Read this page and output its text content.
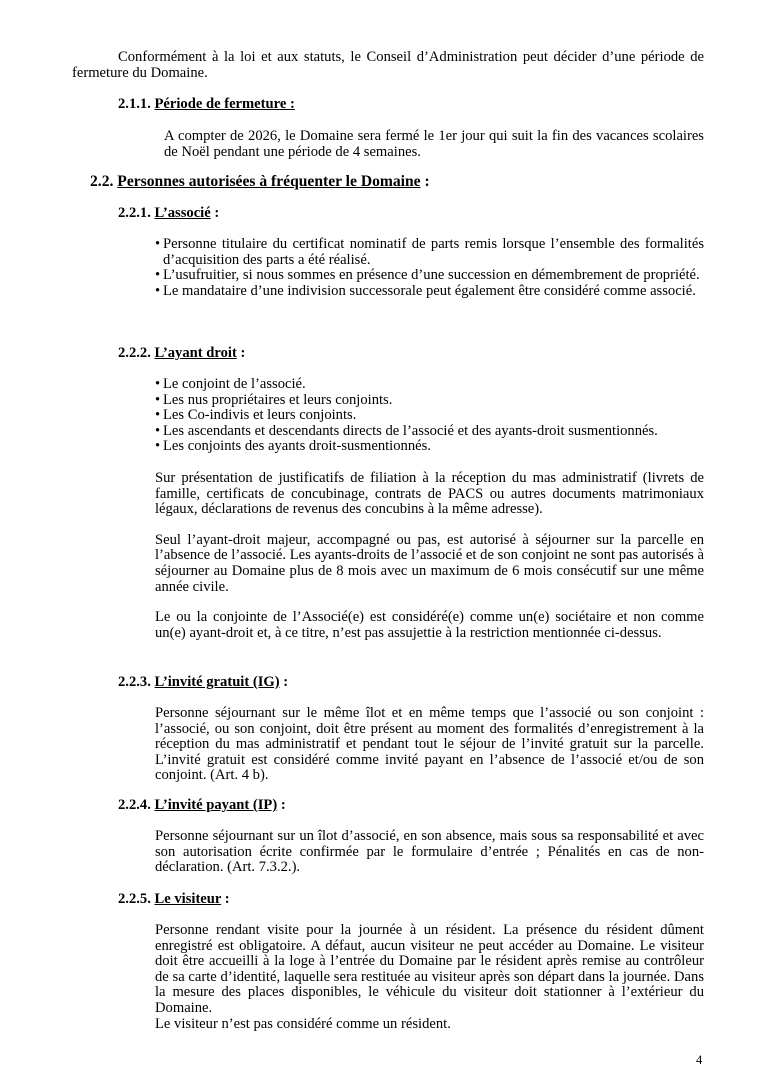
Conformément à la loi et aux statuts, le Conseil d’Administration peut décider d’une période de fermeture du Domaine.

2.1.1. Période de fermeture :

A compter de 2026, le Domaine sera fermé le 1er jour qui suit la fin des vacances scolaires de Noël pendant une période de 4 semaines.

2.2. Personnes autorisées à fréquenter le Domaine :
2.2.1. L’associé :
• Personne titulaire du certificat nominatif de parts remis lorsque l’ensemble des formalités d’acquisition des parts a été réalisé.
• L’usufruitier, si nous sommes en présence d’une succession en démembrement de propriété.
• Le mandataire d’une indivision successorale peut également être considéré comme associé.
2.2.2. L’ayant droit :
• Le conjoint de l’associé.
• Les nus propriétaires et leurs conjoints.
• Les Co-indivis et leurs conjoints.
• Les ascendants et descendants directs de l’associé et des ayants-droit susmentionnés.
• Les conjoints des ayants droit-susmentionnés.

Sur présentation de justificatifs de filiation à la réception du mas administratif (livrets de famille, certificats de concubinage, contrats de PACS ou autres documents matrimoniaux légaux, déclarations de revenus des concubins à la même adresse).

Seul l’ayant-droit majeur, accompagné ou pas, est autorisé à séjourner sur la parcelle en l’absence de l’associé. Les ayants-droits de l’associé et de son conjoint ne sont pas autorisés à séjourner au Domaine plus de 8 mois avec un maximum de 6 mois consécutif sur une même année civile.

Le ou la conjointe de l’Associé(e) est considéré(e) comme un(e) sociétaire et non comme un(e) ayant-droit et, à ce titre, n’est pas assujettie à la restriction mentionnée ci-dessus.

2.2.3. L’invité gratuit (IG) :

Personne séjournant sur le même îlot et en même temps que l’associé ou son conjoint : l’associé, ou son conjoint, doit être présent au moment des formalités d’enregistrement à la réception du mas administratif et pendant tout le séjour de l’invité gratuit sur la parcelle. L’invité gratuit est considéré comme invité payant en l’absence de l’associé et/ou de son conjoint. (Art. 4 b).

2.2.4. L’invité payant (IP) :

Personne séjournant sur un îlot d’associé, en son absence, mais sous sa responsabilité et avec son autorisation écrite confirmée par le formulaire d’entrée ; Pénalités en cas de non-déclaration. (Art. 7.3.2.).

2.2.5. Le visiteur :

Personne rendant visite pour la journée à un résident. La présence du résident dûment enregistré est obligatoire. A défaut, aucun visiteur ne peut accéder au Domaine. Le visiteur doit être accueilli à la loge à l’entrée du Domaine par le résident après remise au contrôleur de sa carte d’identité, laquelle sera restituée au visiteur après son départ dans la journée. Dans la mesure des places disponibles, le véhicule du visiteur doit stationner à l’extérieur du Domaine.

Le visiteur n’est pas considéré comme un résident.

4
